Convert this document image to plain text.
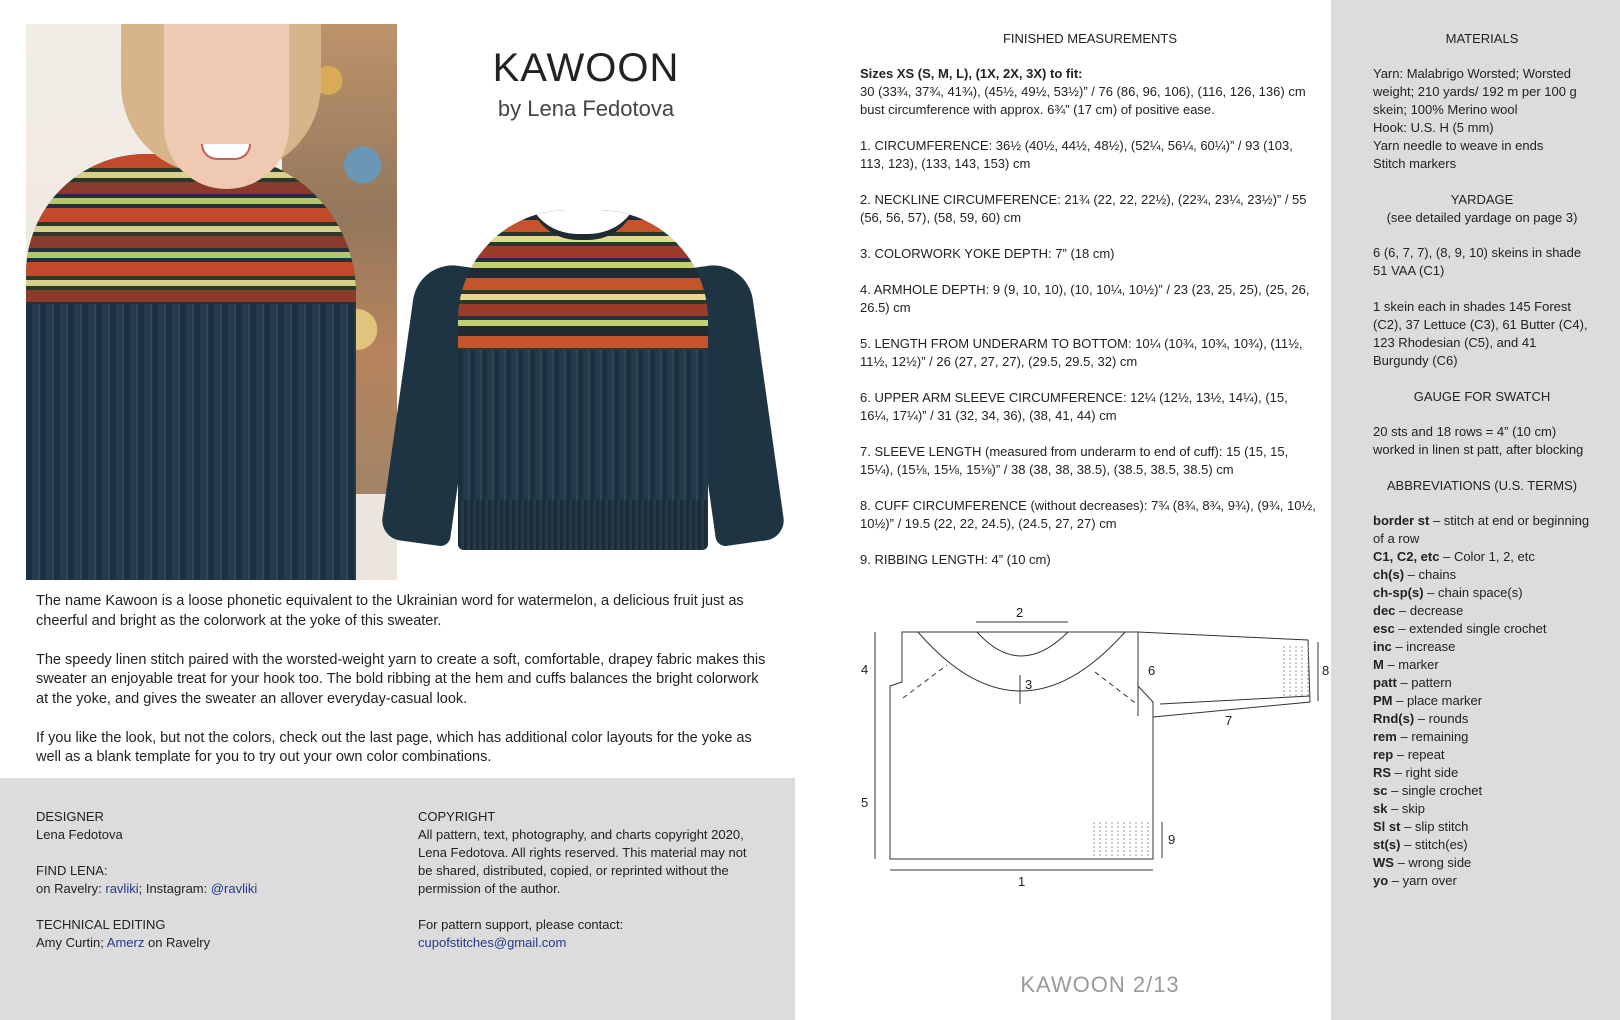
KAWOON
by Lena Fedotova

The name Kawoon is a loose phonetic equivalent to the Ukrainian word for watermelon, a delicious fruit just as cheerful and bright as the colorwork at the yoke of this sweater.

The speedy linen stitch paired with the worsted-weight yarn to create a soft, comfortable, drapey fabric makes this sweater an enjoyable treat for your hook too. The bold ribbing at the hem and cuffs balances the bright colorwork at the yoke, and gives the sweater an allover everyday-casual look.

If you like the look, but not the colors, check out the last page, which has additional color layouts for the yoke as well as a blank template for you to try out your own color combinations.

DESIGNER
Lena Fedotova
FIND LENA:
on Ravelry: ravliki; Instagram: @ravliki
TECHNICAL EDITING
Amy Curtin; Amerz on Ravelry
COPYRIGHT
All pattern, text, photography, and charts copyright 2020, Lena Fedotova. All rights reserved. This material may not be shared, distributed, copied, or reprinted without the permission of the author.
For pattern support, please contact:
cupofstitches@gmail.com
FINISHED MEASUREMENTS

Sizes XS (S, M, L), (1X, 2X, 3X) to fit:
30 (33¾, 37¾, 41¾), (45½, 49½, 53½)” / 76 (86, 96, 106), (116, 126, 136) cm bust circumference with approx. 6¾” (17 cm) of positive ease.

1. CIRCUMFERENCE: 36½ (40½, 44½, 48½), (52¼, 56¼, 60¼)” / 93 (103, 113, 123), (133, 143, 153) cm

2. NECKLINE CIRCUMFERENCE: 21¾ (22, 22, 22½), (22¾, 23¼, 23½)” / 55 (56, 56, 57), (58, 59, 60) cm

3. COLORWORK YOKE DEPTH: 7” (18 cm)

4. ARMHOLE DEPTH: 9 (9, 10, 10), (10, 10¼, 10½)” / 23 (23, 25, 25), (25, 26, 26.5) cm

5. LENGTH FROM UNDERARM TO BOTTOM: 10¼ (10¾, 10¾, 10¾), (11½, 11½, 12½)” / 26 (27, 27, 27), (29.5, 29.5, 32) cm

6. UPPER ARM SLEEVE CIRCUMFERENCE: 12¼ (12½, 13½, 14¼), (15, 16¼, 17¼)” / 31 (32, 34, 36), (38, 41, 44) cm

7. SLEEVE LENGTH (measured from underarm to end of cuff): 15 (15, 15, 15¼), (15⅛, 15⅛, 15⅛)” / 38 (38, 38, 38.5), (38.5, 38.5, 38.5) cm

8. CUFF CIRCUMFERENCE (without decreases): 7¾ (8¾, 8¾, 9¾), (9¾, 10½, 10½)” / 19.5 (22, 22, 24.5), (24.5, 27, 27) cm

9. RIBBING LENGTH: 4” (10 cm)

2
3
4
5
1
6
7
8
9
KAWOON 2/13
MATERIALS

Yarn: Malabrigo Worsted; Worsted weight; 210 yards/ 192 m per 100 g skein; 100% Merino wool
Hook: U.S. H (5 mm)
Yarn needle to weave in ends
Stitch markers

YARDAGE
(see detailed yardage on page 3)

6 (6, 7, 7), (8, 9, 10) skeins in shade 51 VAA (C1)

1 skein each in shades 145 Forest (C2), 37 Lettuce (C3), 61 Butter (C4), 123 Rhodesian (C5), and 41 Burgundy (C6)

GAUGE FOR SWATCH

20 sts and 18 rows = 4” (10 cm) worked in linen st patt, after blocking

ABBREVIATIONS (U.S. TERMS)
border st – stitch at end or beginning of a row
C1, C2, etc – Color 1, 2, etc
ch(s) – chains
ch-sp(s) – chain space(s)
dec – decrease
esc – extended single crochet
inc – increase
M – marker
patt – pattern
PM – place marker
Rnd(s) – rounds
rem – remaining
rep – repeat
RS – right side
sc – single crochet
sk – skip
Sl st – slip stitch
st(s) – stitch(es)
WS – wrong side
yo – yarn over
